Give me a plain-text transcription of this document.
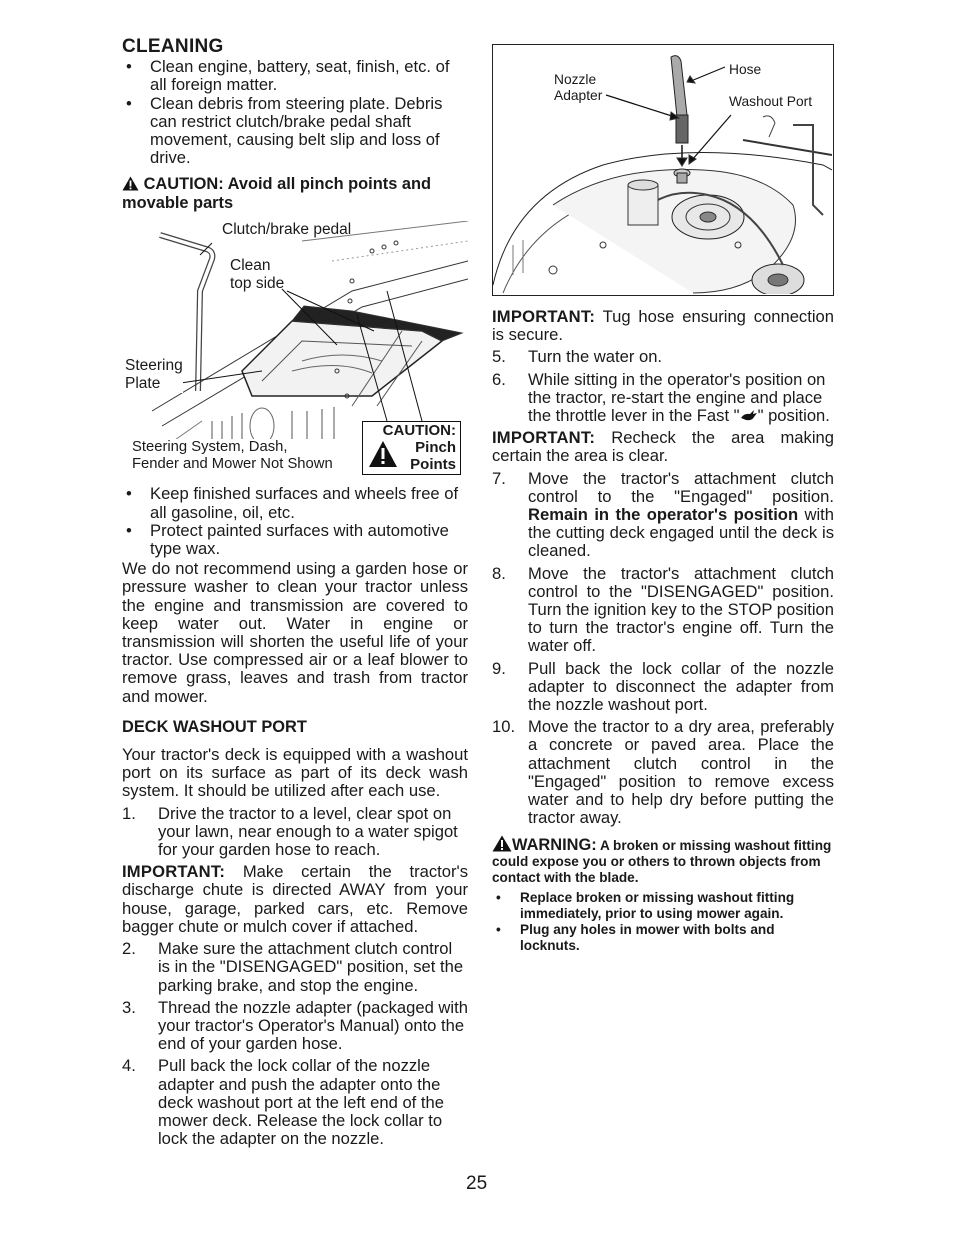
CLEANING
• Clean engine, battery, seat, finish, etc. of all foreign matter.
• Clean debris from steering plate. Debris can restrict clutch/brake pedal shaft movement, causing belt slip and loss of drive.
CAUTION: Avoid all pinch points and movable parts
Clutch/brake pedal
Clean
top side
Steering
Plate
Steering System, Dash,
Fender and Mower Not Shown
CAUTION:
Pinch
Points
• Keep finished surfaces and wheels free of all gasoline, oil, etc.
• Protect painted surfaces with automotive type wax.

We do not recommend using a garden hose or pressure washer to clean your tractor unless the engine and transmission are covered to keep water out. Water in engine or transmission will shorten the useful life of your tractor. Use compressed air or a leaf blower to remove grass, leaves and trash from tractor and mower.

DECK WASHOUT PORT

Your tractor's deck is equipped with a washout port on its surface as part of its deck wash system. It should be utilized after each use.

1. Drive the tractor to a level, clear spot on your lawn, near enough to a water spigot for your garden hose to reach.

IMPORTANT: Make certain the tractor's discharge chute is directed AWAY from your house, garage, parked cars, etc. Remove bagger chute or mulch cover if attached.

2. Make sure the attachment clutch control is in the "DISENGAGED" position, set the parking brake, and stop the engine.
3. Thread the nozzle adapter (packaged with your tractor's Operator's Manual) onto the end of your garden hose.
4. Pull back the lock collar of the nozzle adapter and push the adapter onto the deck washout port at the left end of the mower deck. Release the lock collar to lock the adapter on the nozzle.
Nozzle
Adapter
Hose
Washout Port

IMPORTANT: Tug hose ensuring connection is secure.

5. Turn the water on.
6. While sitting in the operator's position on the tractor, re-start the engine and place the throttle lever in the Fast " " position.

IMPORTANT: Recheck the area making certain the area is clear.

7. Move the tractor's attachment clutch control to the "Engaged" position. Remain in the operator's position with the cutting deck engaged until the deck is cleaned.
8. Move the tractor's attachment clutch control to the "DISENGAGED" position. Turn the ignition key to the STOP position to turn the tractor's engine off. Turn the water off.
9. Pull back the lock collar of the nozzle adapter to disconnect the adapter from the nozzle washout port.
10. Move the tractor to a dry area, preferably a concrete or paved area. Place the attachment clutch control in the "Engaged" position to remove excess water and to help dry before putting the tractor away.

WARNING: A broken or missing washout fitting could expose you or others to thrown objects from contact with the blade.

• Replace broken or missing washout fitting immediately, prior to using mower again.
• Plug any holes in mower with bolts and locknuts.
25
